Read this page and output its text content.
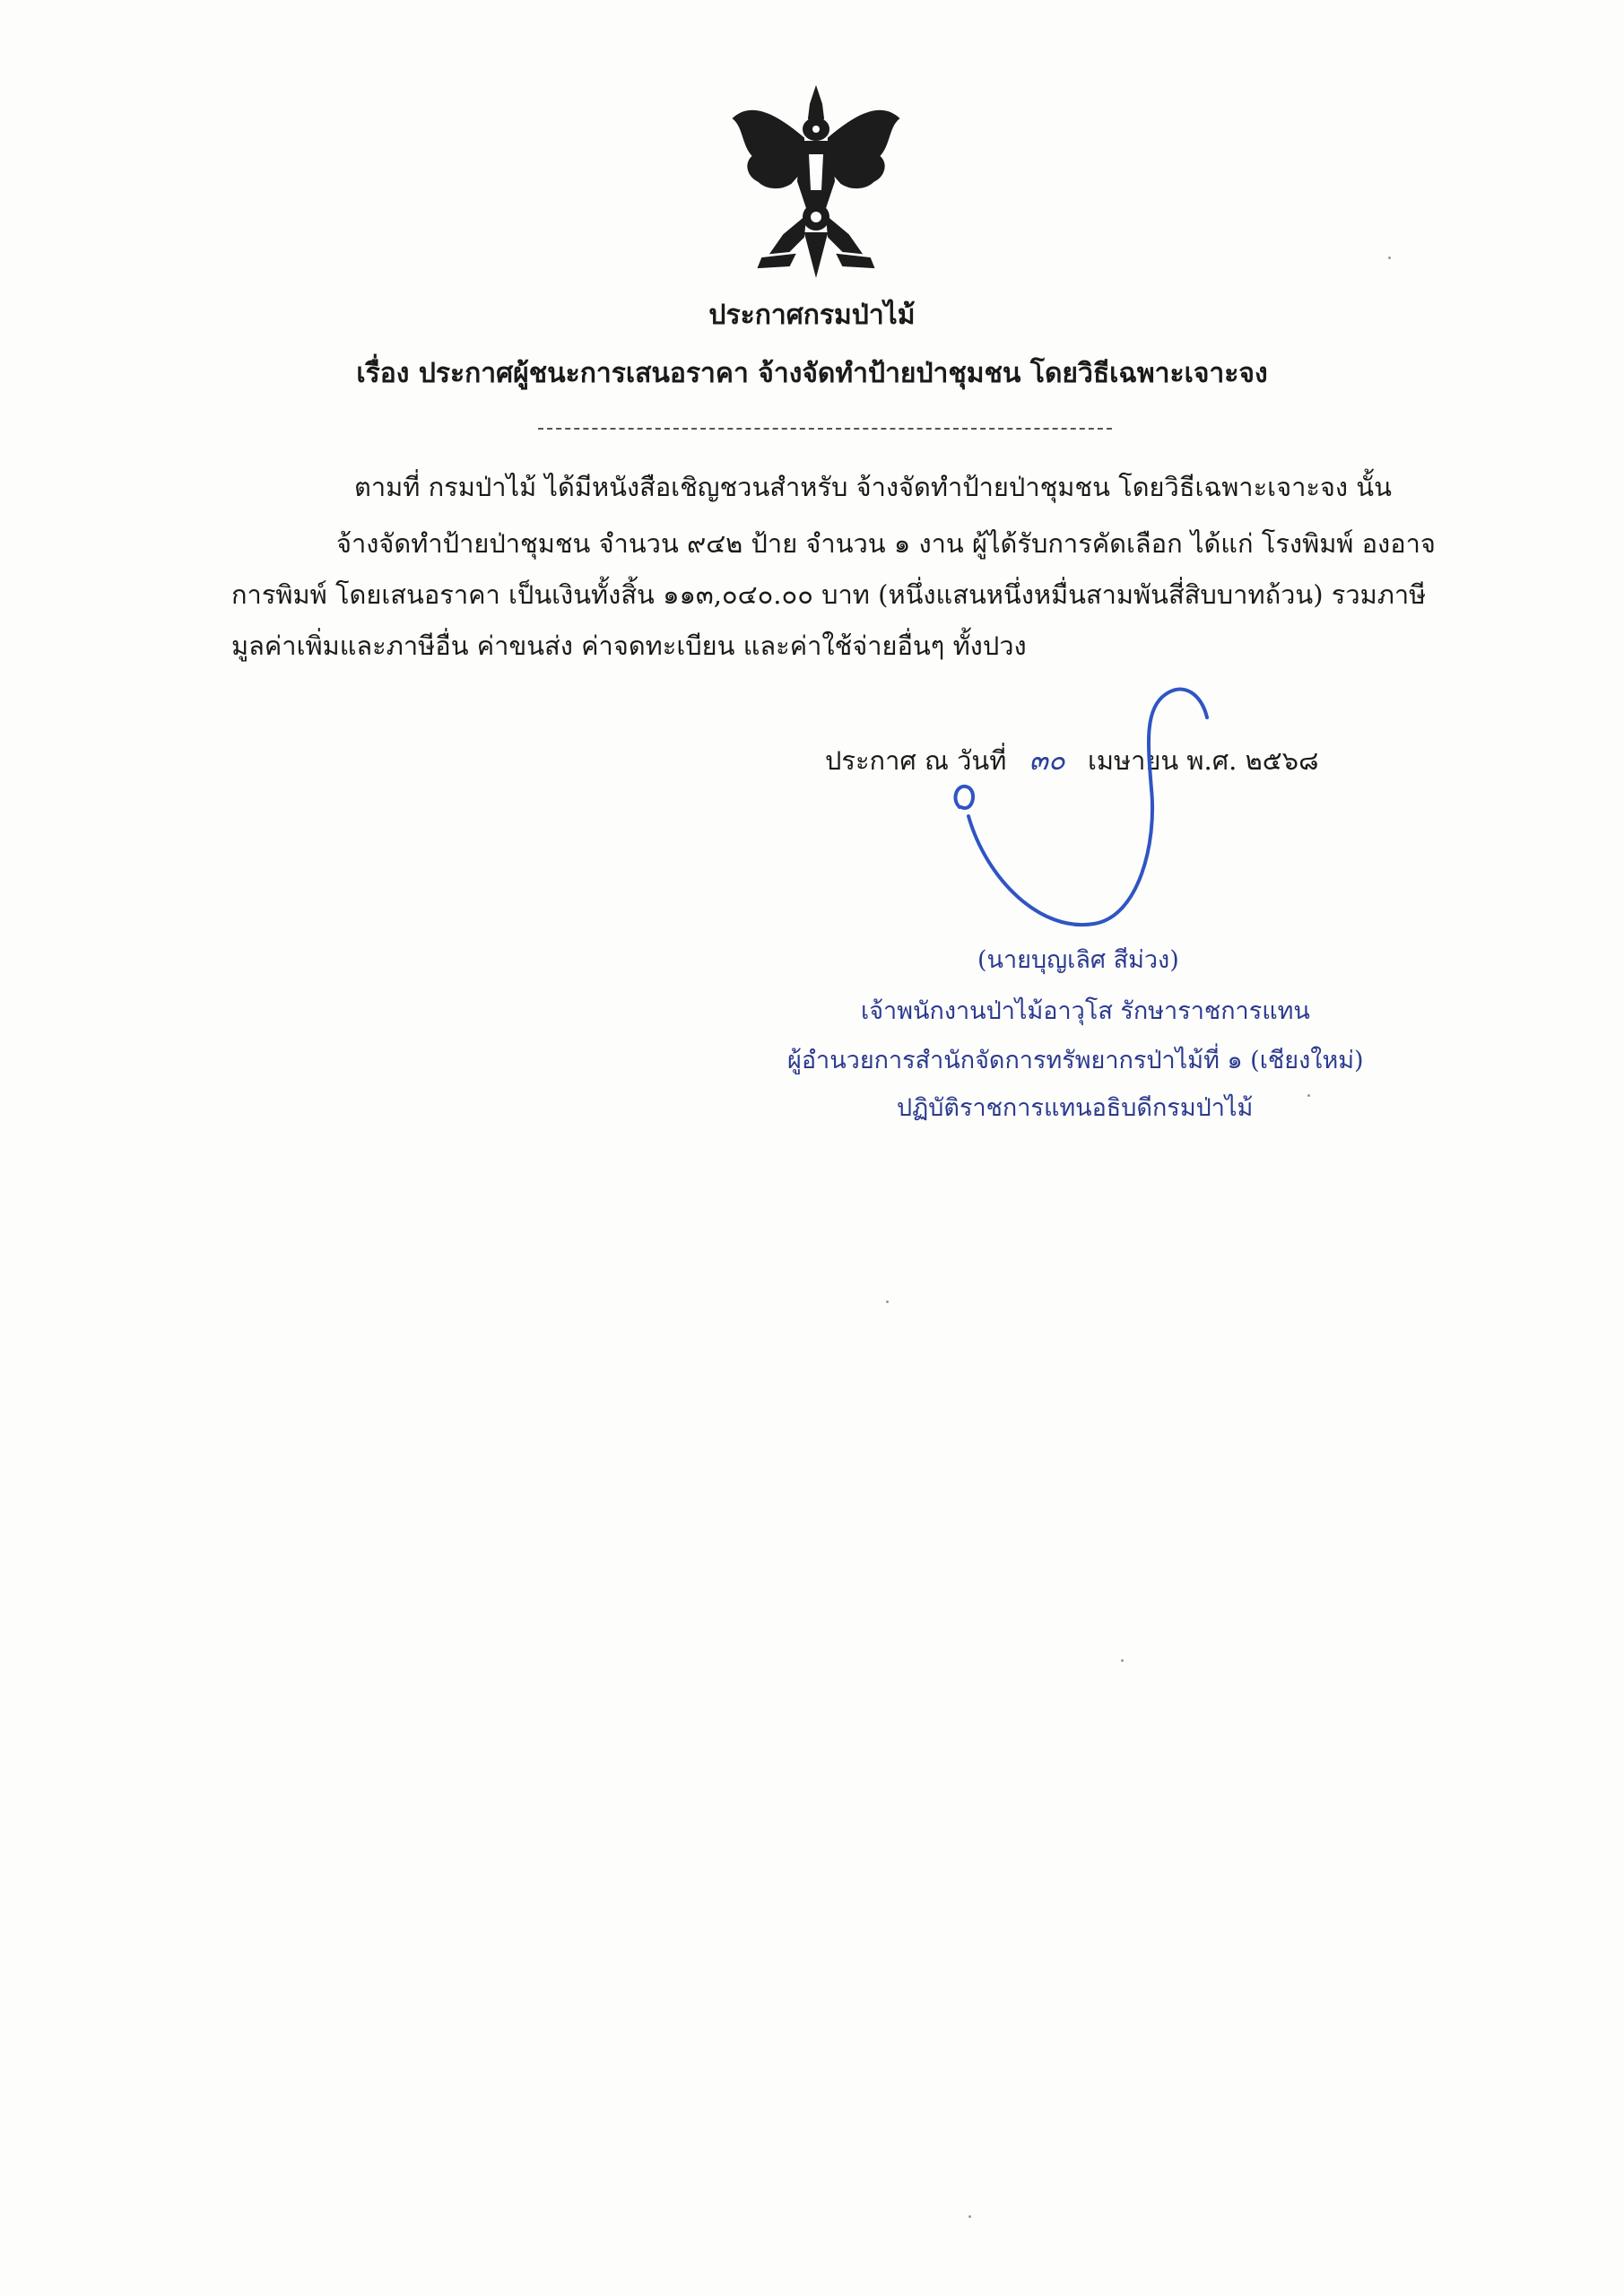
ประกาศกรมป่าไม้
เรื่อง ประกาศผู้ชนะการเสนอราคา จ้างจัดทำป้ายป่าชุมชน โดยวิธีเฉพาะเจาะจง
ตามที่ กรมป่าไม้ ได้มีหนังสือเชิญชวนสำหรับ จ้างจัดทำป้ายป่าชุมชน โดยวิธีเฉพาะเจาะจง นั้น
จ้างจัดทำป้ายป่าชุมชน จำนวน ๙๔๒ ป้าย จำนวน ๑ งาน ผู้ได้รับการคัดเลือก ได้แก่ โรงพิมพ์ องอาจ
การพิมพ์ โดยเสนอราคา เป็นเงินทั้งสิ้น ๑๑๓,๐๔๐.๐๐ บาท (หนึ่งแสนหนึ่งหมื่นสามพันสี่สิบบาทถ้วน) รวมภาษี
มูลค่าเพิ่มและภาษีอื่น ค่าขนส่ง ค่าจดทะเบียน และค่าใช้จ่ายอื่นๆ ทั้งปวง
ประกาศ ณ วันที่ ๓๐ เมษายน พ.ศ. ๒๕๖๘
(นายบุญเลิศ สีม่วง)
เจ้าพนักงานป่าไม้อาวุโส รักษาราชการแทน
ผู้อำนวยการสำนักจัดการทรัพยากรป่าไม้ที่ ๑ (เชียงใหม่)
ปฏิบัติราชการแทนอธิบดีกรมป่าไม้
